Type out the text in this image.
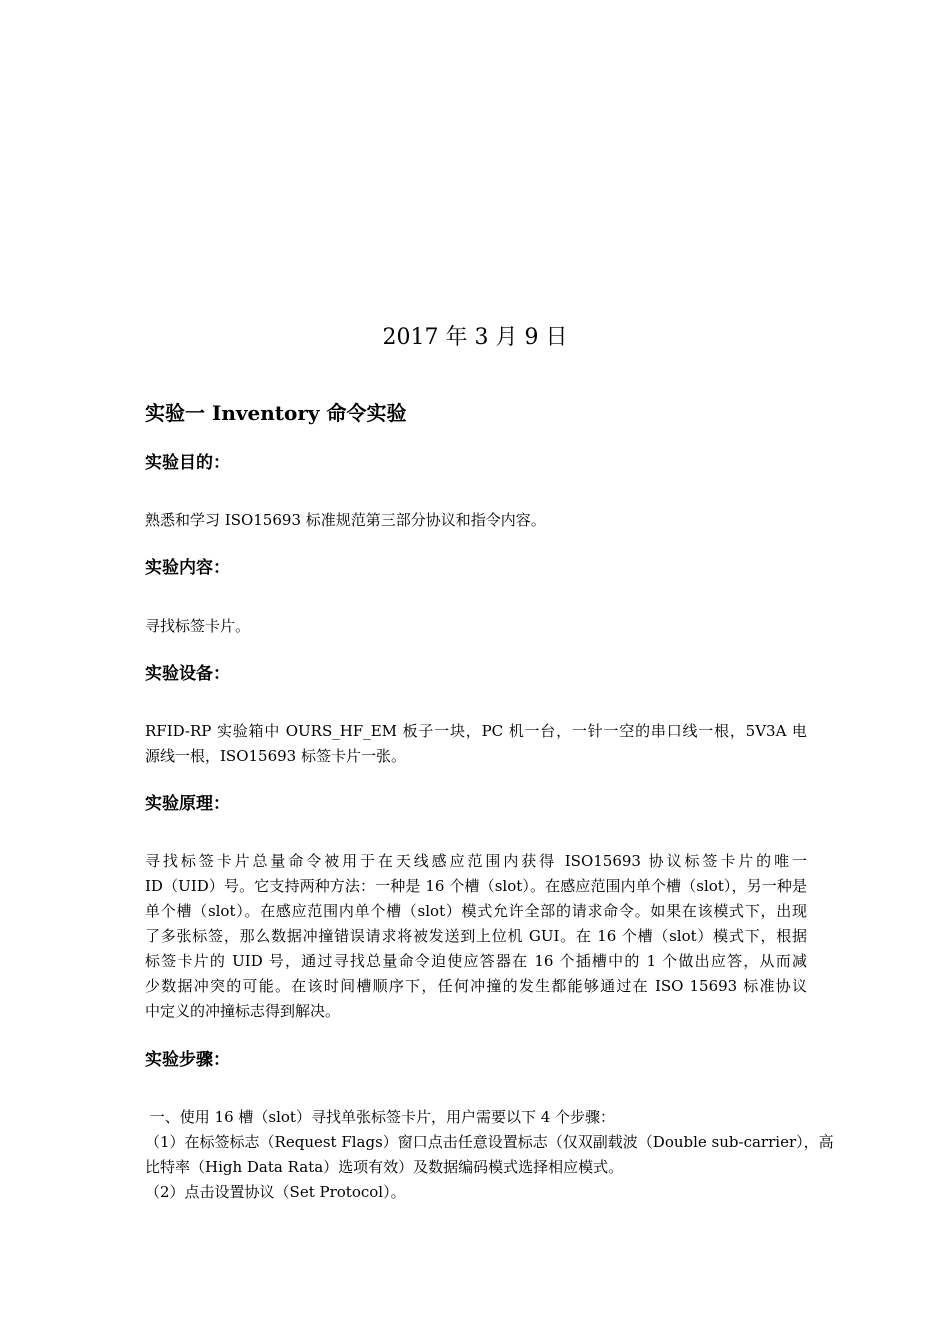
2017 年 3 月 9 日
实验一 Inventory 命令实验
实验目的：
熟悉和学习 ISO15693 标准规范第三部分协议和指令内容。
实验内容：
寻找标签卡片。
实验设备：
RFID-RP 实验箱中 OURS_HF_EM 板子一块，PC 机一台，一针一空的串口线一根，5V3A 电
源线一根，ISO15693 标签卡片一张。
实验原理：
寻找标签卡片总量命令被用于在天线感应范围内获得 ISO15693 协议标签卡片的唯一
ID（UID）号。它支持两种方法：一种是 16 个槽（slot）。在感应范围内单个槽（slot），另一种是
单个槽（slot）。在感应范围内单个槽（slot）模式允许全部的请求命令。如果在该模式下，出现
了多张标签，那么数据冲撞错误请求将被发送到上位机 GUI。在 16 个槽（slot）模式下，根据
标签卡片的 UID 号，通过寻找总量命令迫使应答器在 16 个插槽中的 1 个做出应答，从而减
少数据冲突的可能。在该时间槽顺序下，任何冲撞的发生都能够通过在 ISO 15693 标准协议
中定义的冲撞标志得到解决。
实验步骤：
一、使用 16 槽（slot）寻找单张标签卡片，用户需要以下 4 个步骤：
（1）在标签标志（Request Flags）窗口点击任意设置标志（仅双副载波（Double sub-carrier），高
比特率（High Data Rata）选项有效）及数据编码模式选择相应模式。
（2）点击设置协议（Set Protocol）。
